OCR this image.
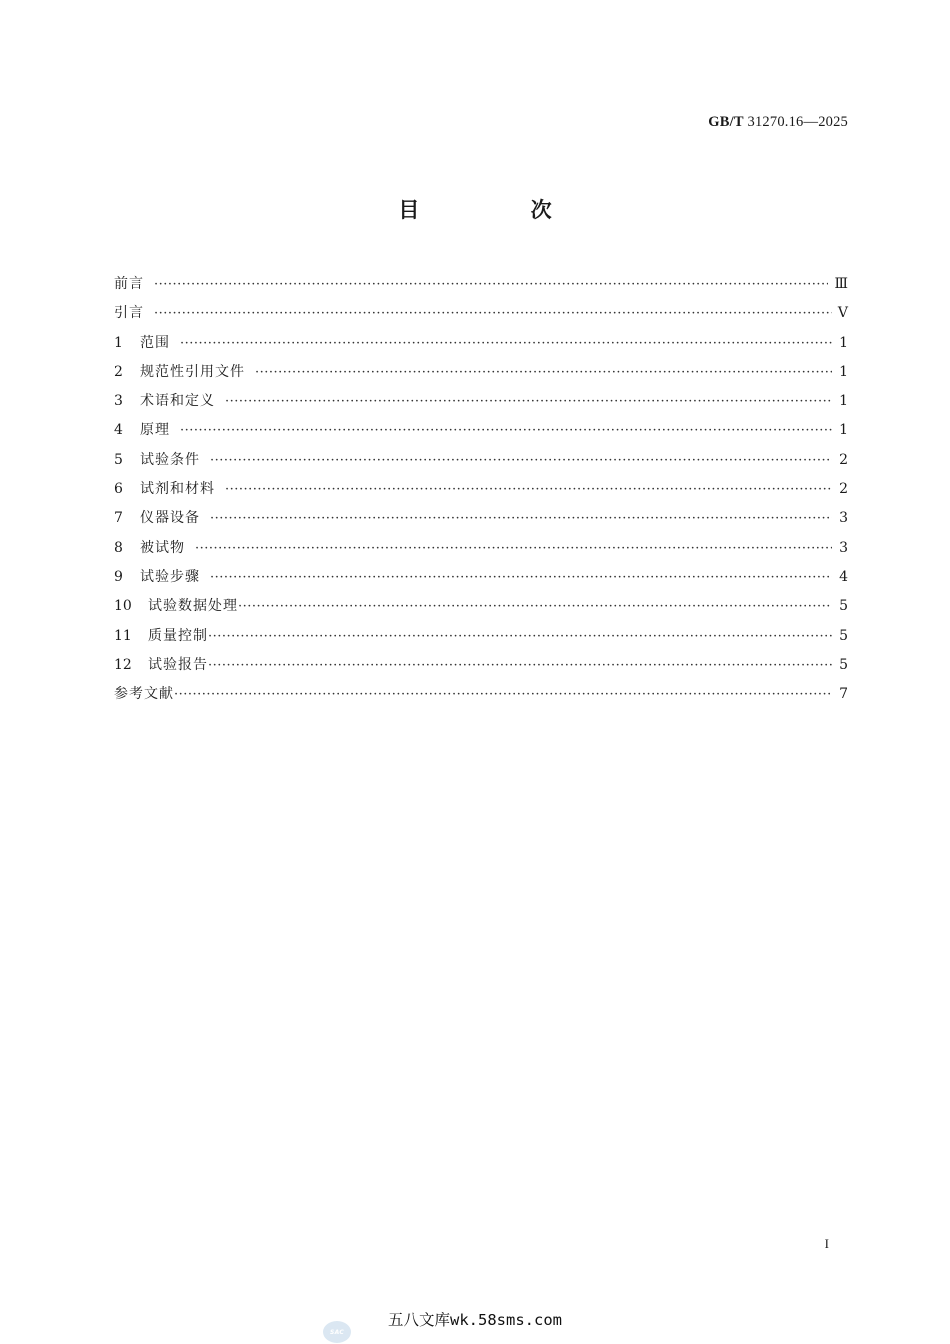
GB/T 31270.16—2025
目 次
前言 ·····	Ⅲ
引言 ·····	Ⅴ
1	范围 ·····	1
2	规范性引用文件 ·····	1
3	术语和定义 ·····	1
4	原理 ·····	1
5	试验条件 ·····	2
6	试剂和材料 ·····	2
7	仪器设备 ·····	3
8	被试物 ·····	3
9	试验步骤 ·····	4
10	试验数据处理 ·····	5
11	质量控制 ·····	5
12	试验报告 ·····	5
参考文献 ·····	7
I
SAC
五八文库wk.58sms.com
